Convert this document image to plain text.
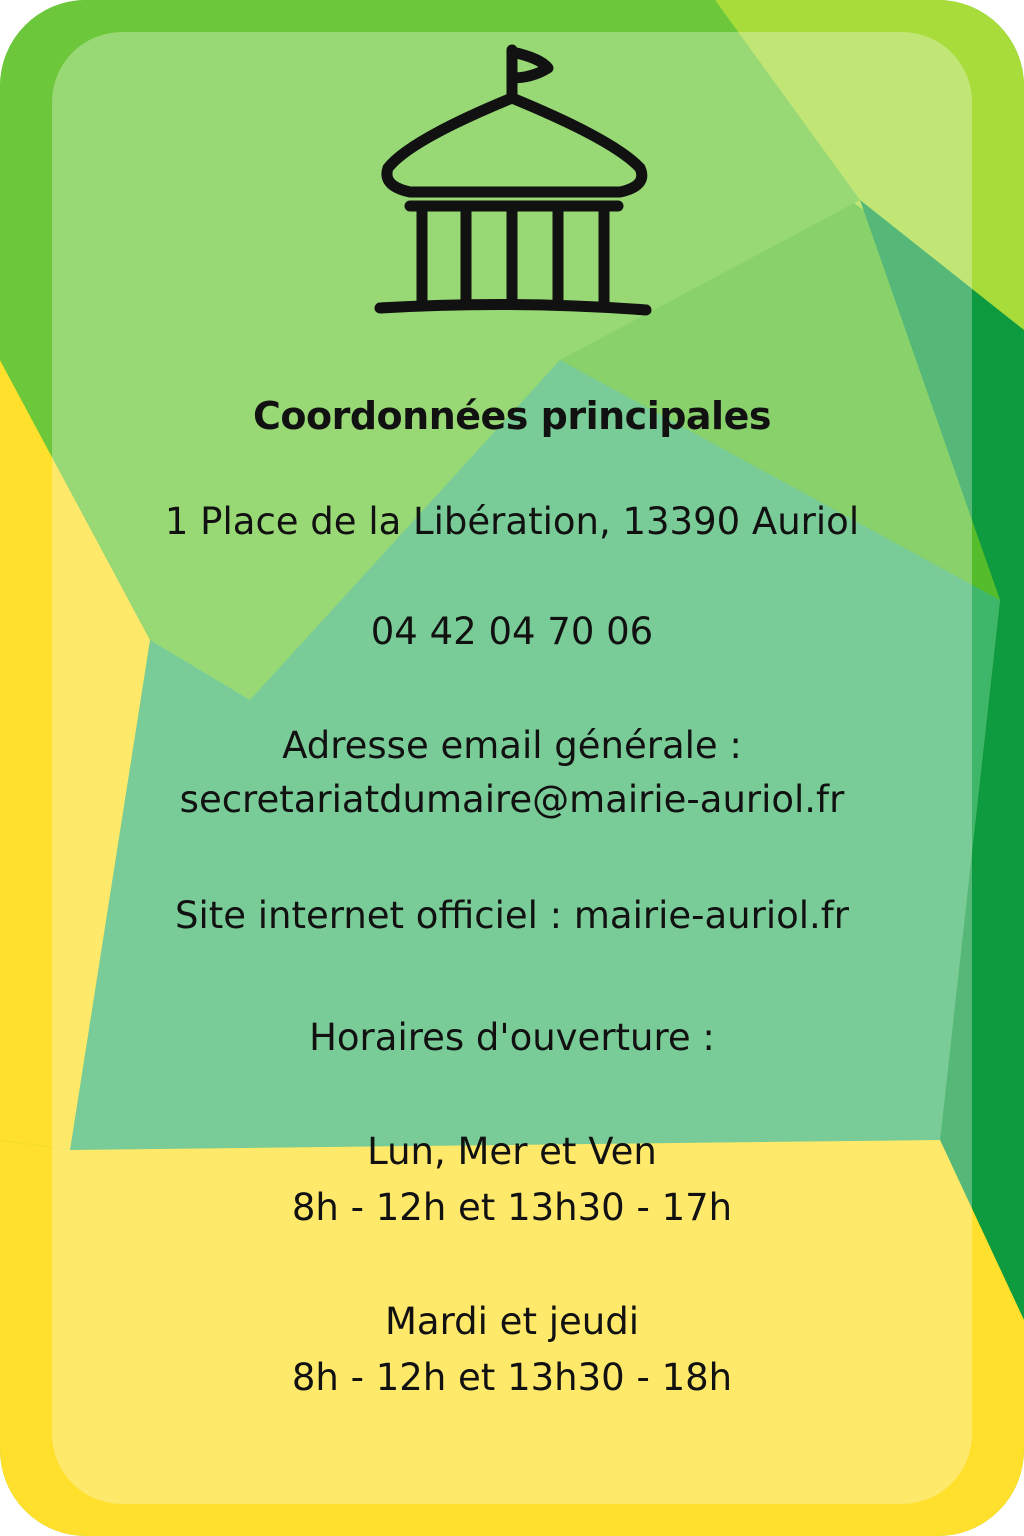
Coordonnées principales

1 Place de la Libération, 13390 Auriol

04 42 04 70 06

Adresse email générale :

secretariatdumaire@mairie-auriol.fr

Site internet officiel : mairie-auriol.fr

Horaires d'ouverture :

Lun, Mer et Ven

8h - 12h et 13h30 - 17h

Mardi et jeudi

8h - 12h et 13h30 - 18h
